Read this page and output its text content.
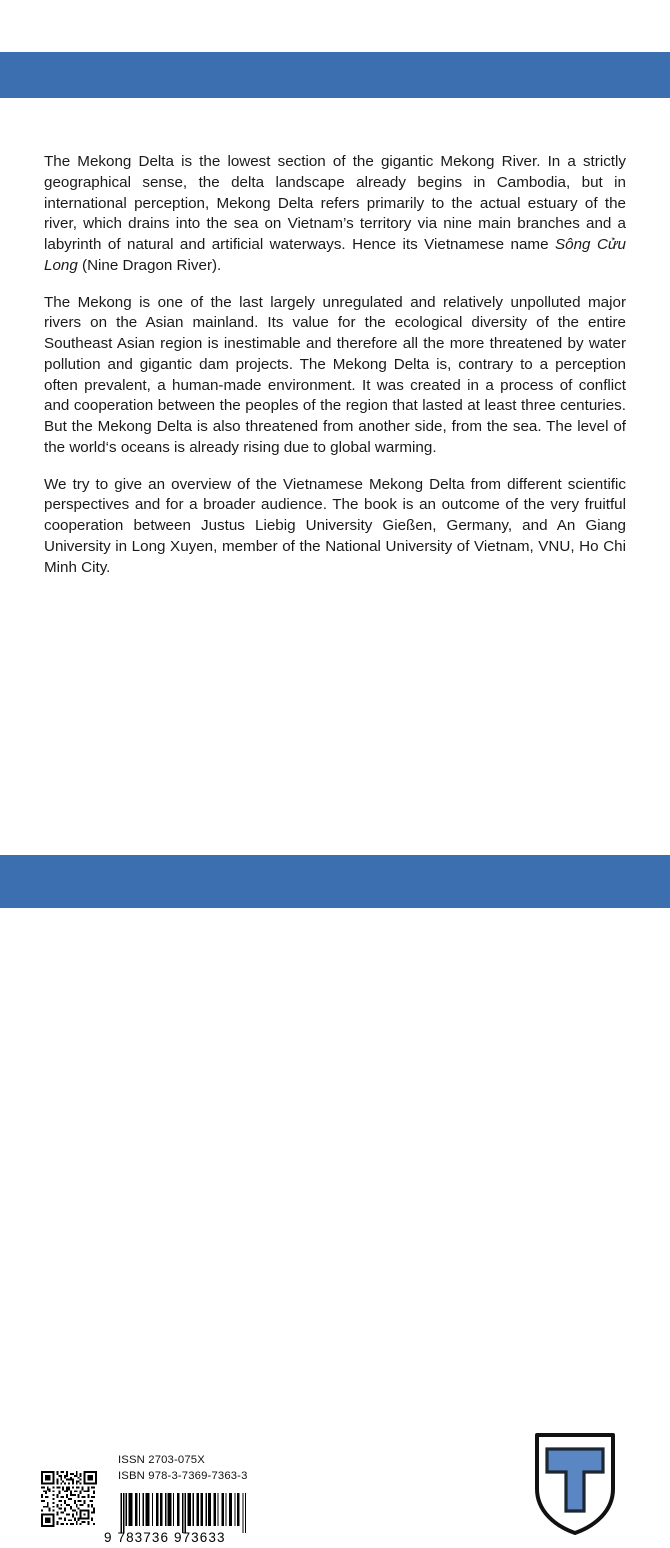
The Mekong Delta is the lowest section of the gigantic Mekong River. In a strictly geographical sense, the delta landscape already begins in Cambodia, but in international perception, Mekong Delta refers primarily to the actual estuary of the river, which drains into the sea on Vietnam’s territory via nine main branches and a labyrinth of natural and artificial waterways. Hence its Vietnamese name Sông Cửu Long (Nine Dragon River).

The Mekong is one of the last largely unregulated and relatively unpolluted major rivers on the Asian mainland. Its value for the ecological diversity of the entire Southeast Asian region is inestimable and therefore all the more threatened by water pollution and gigantic dam projects. The Mekong Delta is, contrary to a perception often prevalent, a human-made environment. It was created in a process of conflict and cooperation between the peoples of the region that lasted at least three centuries. But the Mekong Delta is also threatened from another side, from the sea. The level of the world‘s oceans is already rising due to global warming.

We try to give an overview of the Vietnamese Mekong Delta from different scientific perspectives and for a broader audience. The book is an outcome of the very fruitful cooperation between Justus Liebig University Gießen, Germany, and An Giang University in Long Xuyen, member of the National University of Vietnam, VNU, Ho Chi Minh City.

ISSN 2703-075X
ISBN 978-3-7369-7363-3
9 783736 973633
